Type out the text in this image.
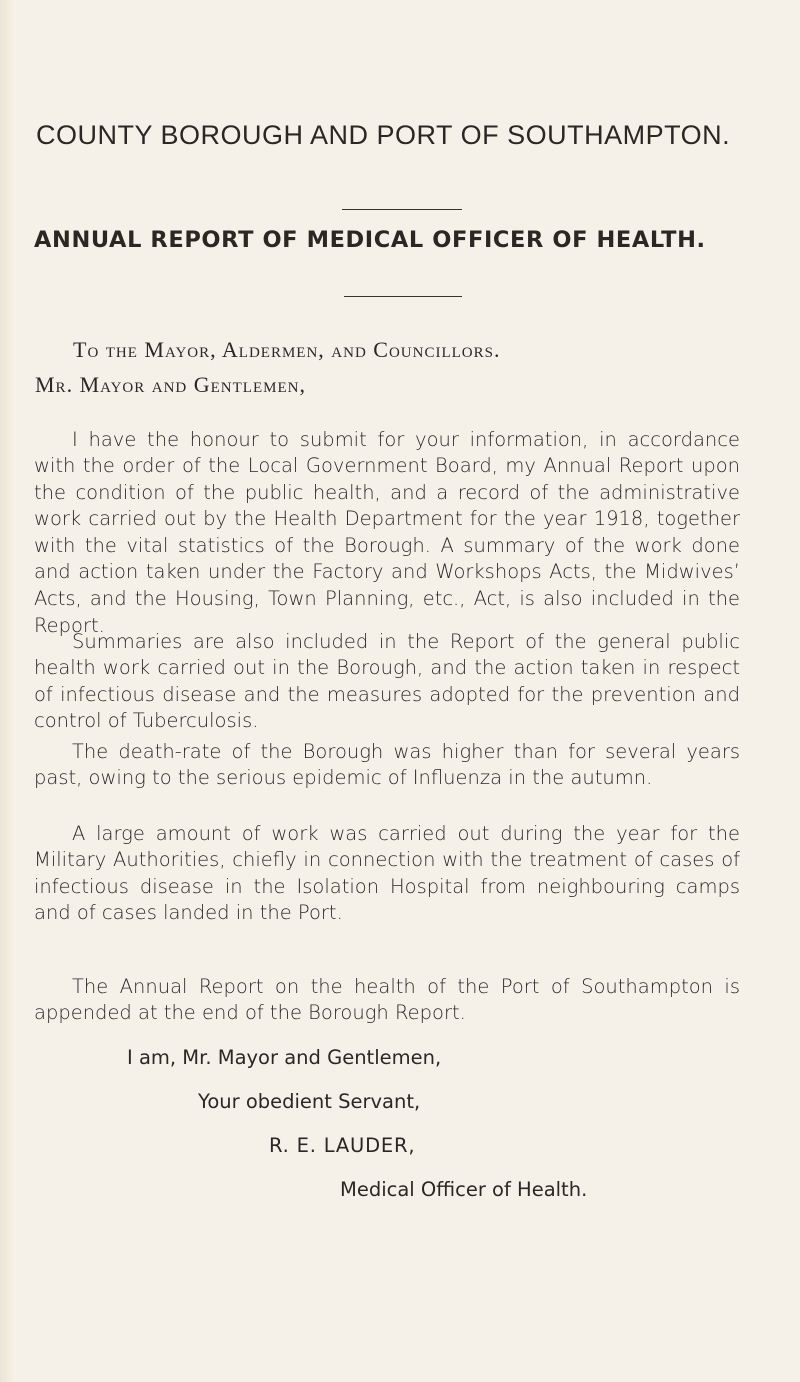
COUNTY BOROUGH AND PORT OF SOUTHAMPTON.
ANNUAL REPORT OF MEDICAL OFFICER OF HEALTH.
To the Mayor, Aldermen, and Councillors.
Mr. Mayor and Gentlemen,

I have the honour to submit for your information, in accordance with the order of the Local Government Board, my Annual Report upon the condition of the public health, and a record of the administrative work carried out by the Health Department for the year 1918, together with the vital statistics of the Borough. A summary of the work done and action taken under the Factory and Workshops Acts, the Midwives’ Acts, and the Housing, Town Planning, etc., Act, is also included in the Report.

Summaries are also included in the Report of the general public health work carried out in the Borough, and the action taken in respect of infectious disease and the measures adopted for the prevention and control of Tuberculosis.

The death-rate of the Borough was higher than for several years past, owing to the serious epidemic of Influenza in the autumn.

A large amount of work was carried out during the year for the Military Authorities, chiefly in connection with the treatment of cases of infectious disease in the Isolation Hospital from neighbouring camps and of cases landed in the Port.

The Annual Report on the health of the Port of Southampton is appended at the end of the Borough Report.

I am, Mr. Mayor and Gentlemen,
Your obedient Servant,
R. E. LAUDER,
Medical Officer of Health.
